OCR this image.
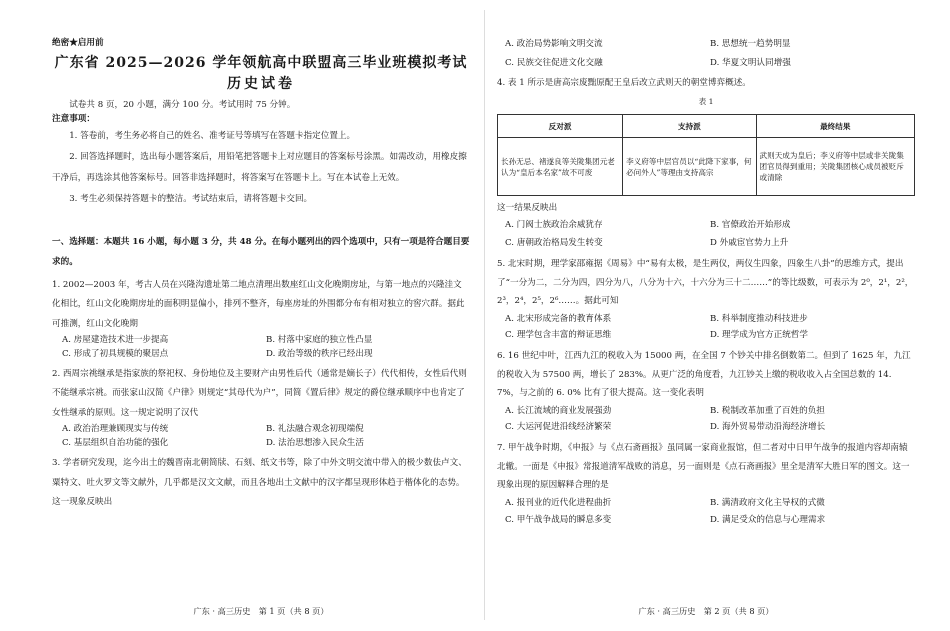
绝密★启用前
广东省 2025—2026 学年领航高中联盟高三毕业班模拟考试
历史试卷
试卷共 8 页，20 小题，满分 100 分。考试用时 75 分钟。
注意事项：
1. 答卷前，考生务必将自己的姓名、准考证号等填写在答题卡指定位置上。
2. 回答选择题时，选出每小题答案后，用铅笔把答题卡上对应题目的答案标号涂黑。如需改动，用橡皮擦干净后，再选涂其他答案标号。回答非选择题时，将答案写在答题卡上。写在本试卷上无效。
3. 考生必须保持答题卡的整洁。考试结束后，请将答题卡交回。
一、选择题：本题共 16 小题，每小题 3 分，共 48 分。在每小题列出的四个选项中，只有一项是符合题目要求的。
1. 2002—2003 年，考古人员在兴隆沟遗址第二地点清理出数座红山文化晚期房址，与第一地点的兴隆洼文化相比，红山文化晚期房址的面积明显偏小，排列不整齐，每座房址的外围都分布有相对独立的窖穴群。据此可推测，红山文化晚期
A. 房屋建造技术进一步提高	B. 村落中家庭的独立性凸显
C. 形成了初具规模的聚居点	D. 政治等级的秩序已经出现
2. 西周宗祧继承是指家族的祭祀权、身份地位及主要财产由男性后代（通常是嫡长子）代代相传，女性后代则不能继承宗祧。而张家山汉简《户律》则规定“其母代为户”，同简《置后律》规定的爵位继承顺序中也肯定了女性继承的原则。这一规定说明了汉代
A. 政治治理兼顾现实与传统	B. 礼法融合观念初现端倪
C. 基层组织自治功能的强化	D. 法治思想渗入民众生活
3. 学者研究发现，迄今出土的魏晋南北朝简牍、石刻、纸文书等，除了中外文明交流中带入的极少数佉卢文、粟特文、吐火罗文等文献外，几乎都是汉文文献，而且各地出土文献中的汉字都呈现形体趋于楷体化的态势。这一现象反映出
广东 · 高三历史　第 1 页（共 8 页）
A. 政治局势影响文明交流	B. 思想统一趋势明显
C. 民族交往促进文化交融	D. 华夏文明认同增强
4. 表 1 所示是唐高宗废黜原配王皇后改立武则天的朝堂博弈概述。
表 1
反对派	支持派	最终结果
长孙无忌、褚遂良等关陇集团元老认为“皇后本名家”故不可废	李义府等中层官员以“此降下家事，何必问外人”等理由支持高宗	武则天成为皇后；李义府等中层或非关陇集团官员得到重用；关陇集团核心成员被贬斥或清除
这一结果反映出
A. 门阀士族政治余威犹存	B. 官僚政治开始形成
C. 唐朝政治格局发生转变	D 外戚宦官势力上升
5. 北宋时期，理学家邵雍据《周易》中“易有太极，是生两仪，两仪生四象，四象生八卦”的思维方式，提出了“一分为二，二分为四，四分为八，八分为十六，十六分为三十二……”的等比级数，可表示为 2⁰，2¹，2²，2³，2⁴，2⁵，2⁶……。据此可知
A. 北宋形成完备的教育体系	B. 科举制度推动科技进步
C. 理学包含丰富的辩证思维	D. 理学成为官方正统哲学
6. 16 世纪中叶，江西九江的税收入为 15000 两，在全国 7 个钞关中排名倒数第二。但到了 1625 年，九江的税收入为 57500 两，增长了 283%。从更广泛的角度看，九江钞关上缴的税收收入占全国总数的 14. 7%，与之前的 6. 0% 比有了很大提高。这一变化表明
A. 长江流域的商业发展强劲	B. 税制改革加重了百姓的负担
C. 大运河促进沿线经济繁荣	D. 海外贸易带动沿海经济增长
7. 甲午战争时期，《申报》与《点石斋画报》虽同属一家商业报馆，但二者对中日甲午战争的报道内容却南辕北辙。一面是《申报》常报道清军战败的消息，另一面则是《点石斋画报》里全是清军大胜日军的图文。这一现象出现的原因解释合理的是
A. 报刊业的近代化进程曲折	B. 满清政府文化主导权的式微
C. 甲午战争战局的瞬息多变	D. 满足受众的信息与心理需求
广东 · 高三历史　第 2 页（共 8 页）
